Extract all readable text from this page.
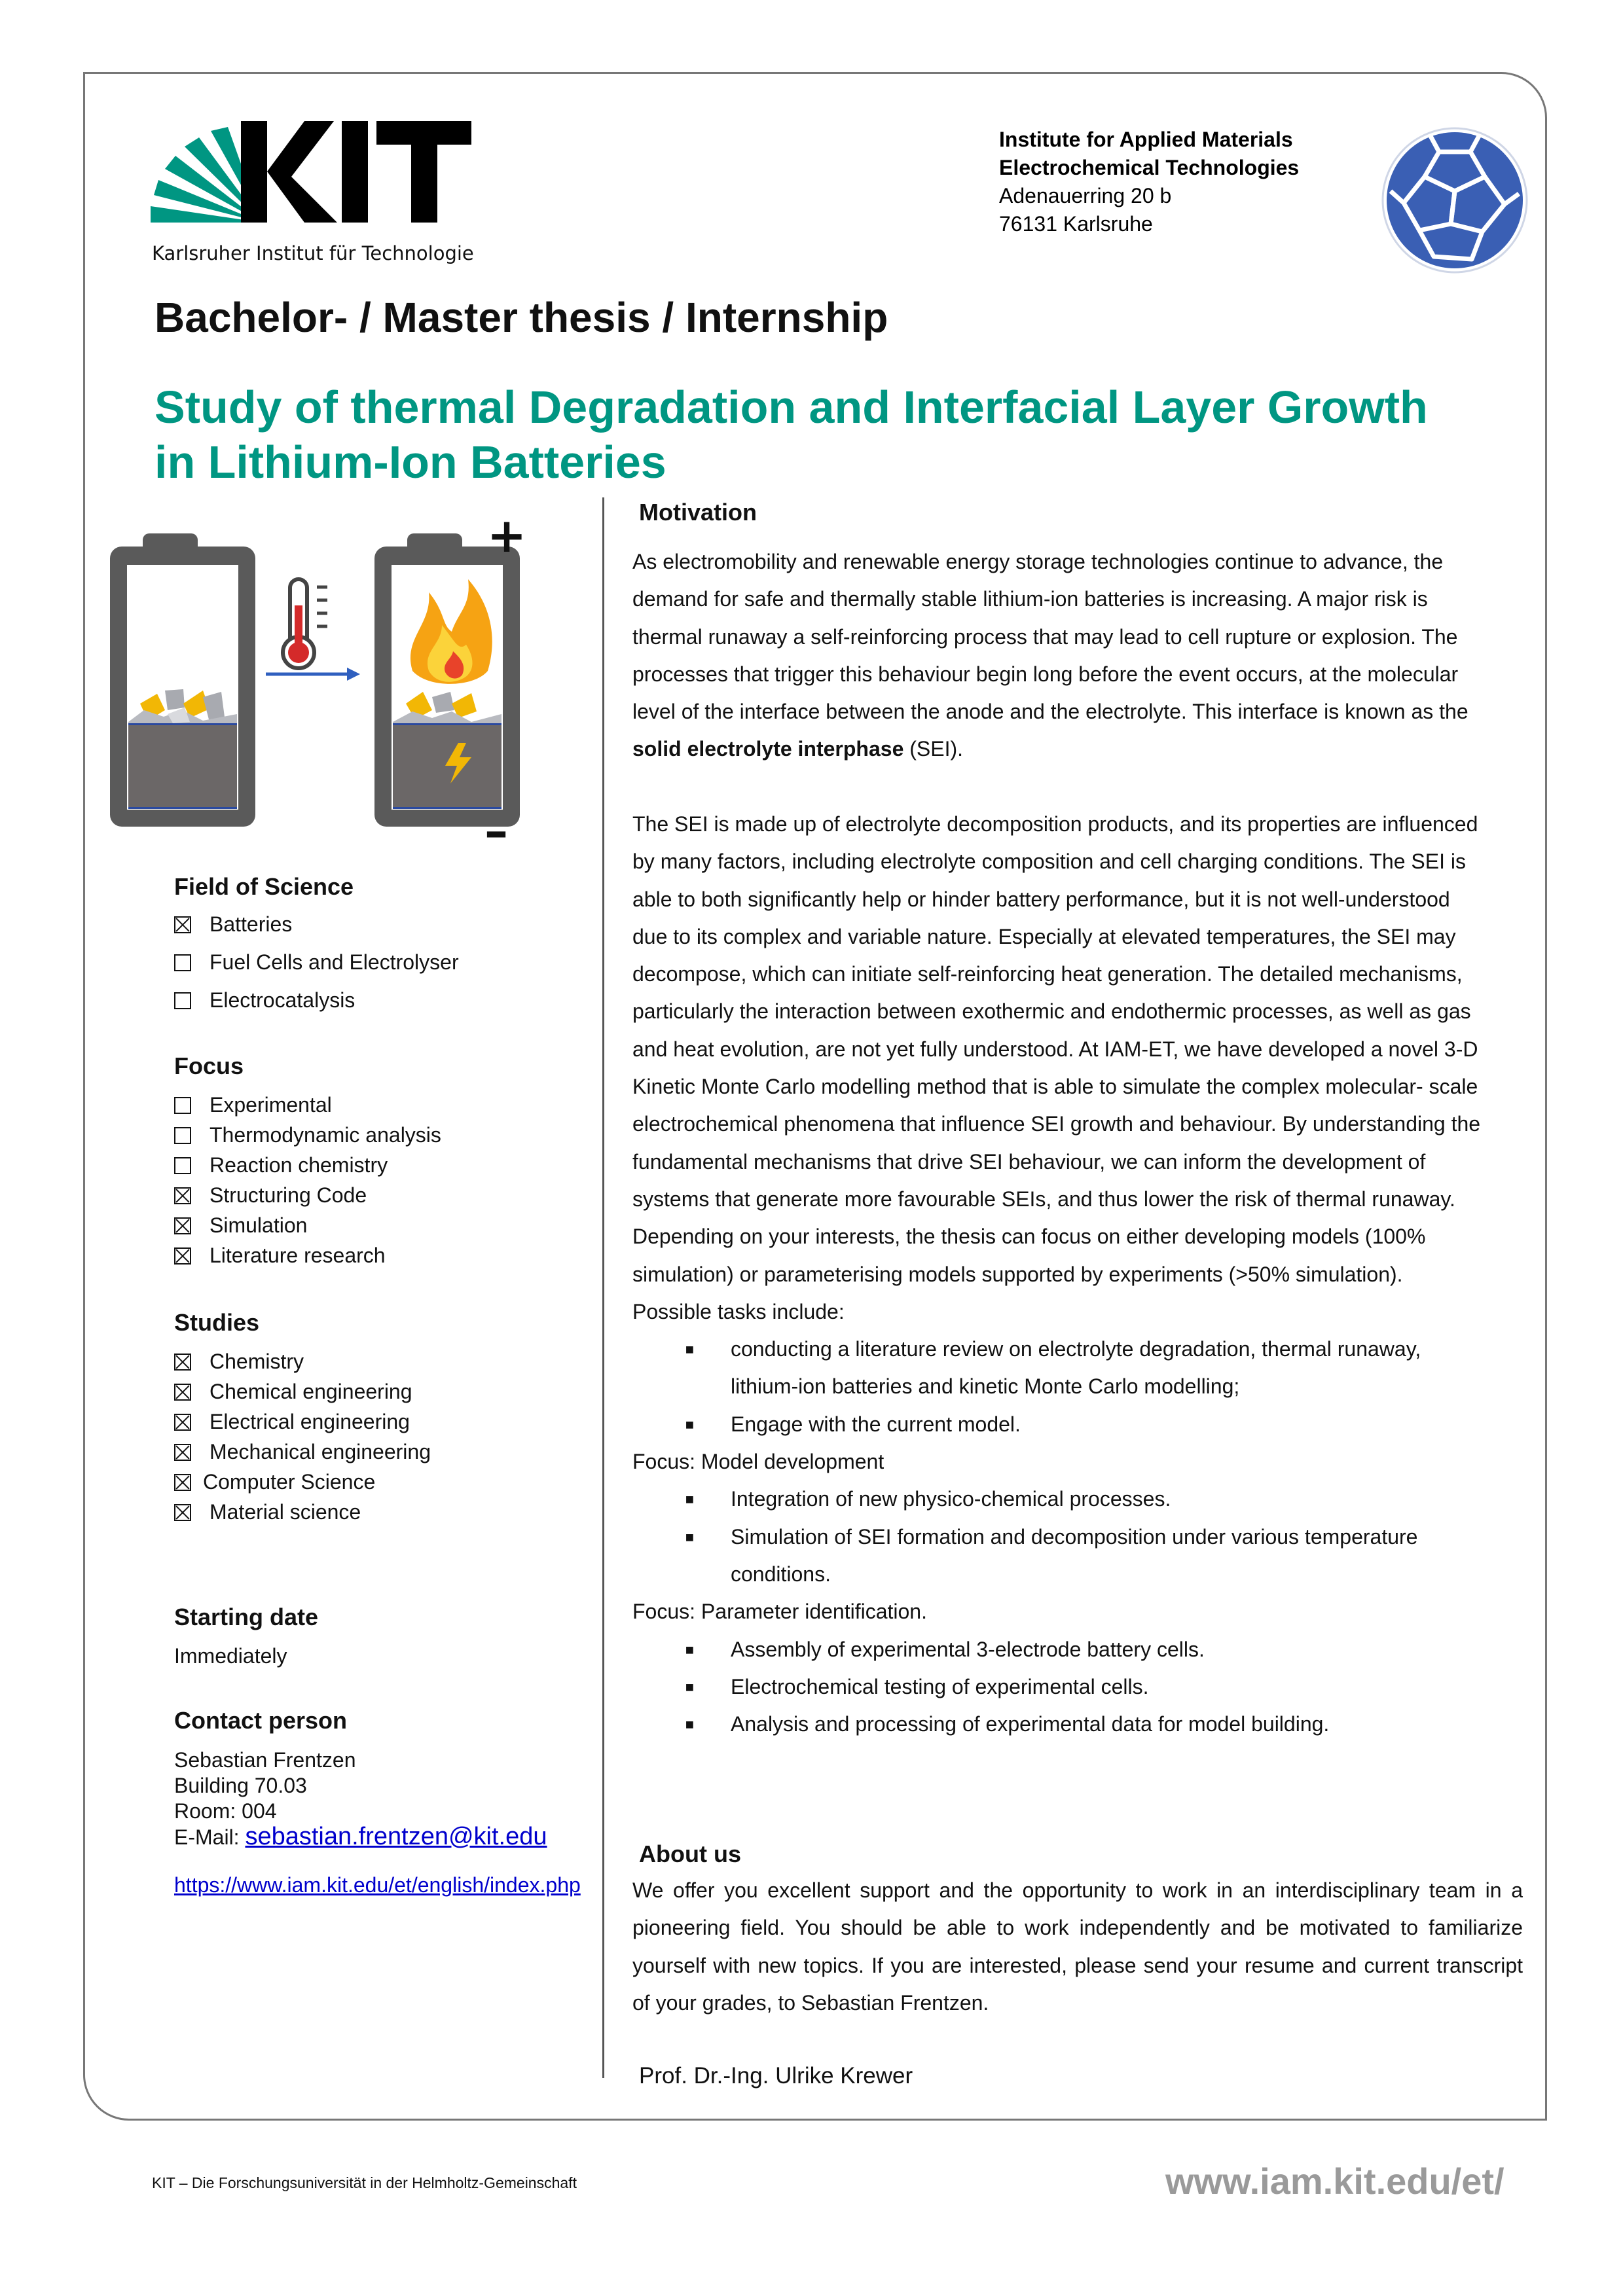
Karlsruher Institut für Technologie
Institute for Applied Materials
Electrochemical Technologies
Adenauerring 20 b
76131 Karlsruhe
Bachelor- / Master thesis / Internship
Study of thermal Degradation and Interfacial Layer Growth
in Lithium-Ion Batteries
+
–
Field of Science
Batteries
Fuel Cells and Electrolyser
Electrocatalysis
Focus
Experimental
Thermodynamic analysis
Reaction chemistry
Structuring Code
Simulation
Literature research
Studies
Chemistry
Chemical engineering
Electrical engineering
Mechanical engineering
Computer Science
Material science
Starting date
Immediately
Contact person
Sebastian Frentzen
Building 70.03
Room: 004
E-Mail: sebastian.frentzen@kit.edu
https://www.iam.kit.edu/et/english/index.php
Motivation
As electromobility and renewable energy storage technologies continue to advance, the
demand for safe and thermally stable lithium-ion batteries is increasing. A major risk is
thermal runaway a self-reinforcing process that may lead to cell rupture or explosion. The
processes that trigger this behaviour begin long before the event occurs, at the molecular
level of the interface between the anode and the electrolyte. This interface is known as the
solid electrolyte interphase (SEI).
The SEI is made up of electrolyte decomposition products, and its properties are influenced
by many factors, including electrolyte composition and cell charging conditions. The SEI is
able to both significantly help or hinder battery performance, but it is not well-understood
due to its complex and variable nature. Especially at elevated temperatures, the SEI may
decompose, which can initiate self-reinforcing heat generation. The detailed mechanisms,
particularly the interaction between exothermic and endothermic processes, as well as gas
and heat evolution, are not yet fully understood. At IAM-ET, we have developed a novel 3-D
Kinetic Monte Carlo modelling method that is able to simulate the complex molecular- scale
electrochemical phenomena that influence SEI growth and behaviour. By understanding the
fundamental mechanisms that drive SEI behaviour, we can inform the development of
systems that generate more favourable SEIs, and thus lower the risk of thermal runaway.
Depending on your interests, the thesis can focus on either developing models (100%
simulation) or parameterising models supported by experiments (>50% simulation).
Possible tasks include:
■	conducting a literature review on electrolyte degradation, thermal runaway,
lithium-ion batteries and kinetic Monte Carlo modelling;
■	Engage with the current model.
Focus: Model development
■	Integration of new physico-chemical processes.
■	Simulation of SEI formation and decomposition under various temperature
conditions.
Focus: Parameter identification.
■	Assembly of experimental 3-electrode battery cells.
■	Electrochemical testing of experimental cells.
■	Analysis and processing of experimental data for model building.
About us
We offer you excellent support and the opportunity to work in an interdisciplinary team in a pioneering field. You should be able to work independently and be motivated to familiarize yourself with new topics. If you are interested, please send your resume and current transcript of your grades, to Sebastian Frentzen.
Prof. Dr.-Ing. Ulrike Krewer
KIT – Die Forschungsuniversität in der Helmholtz-Gemeinschaft	www.iam.kit.edu/et/
